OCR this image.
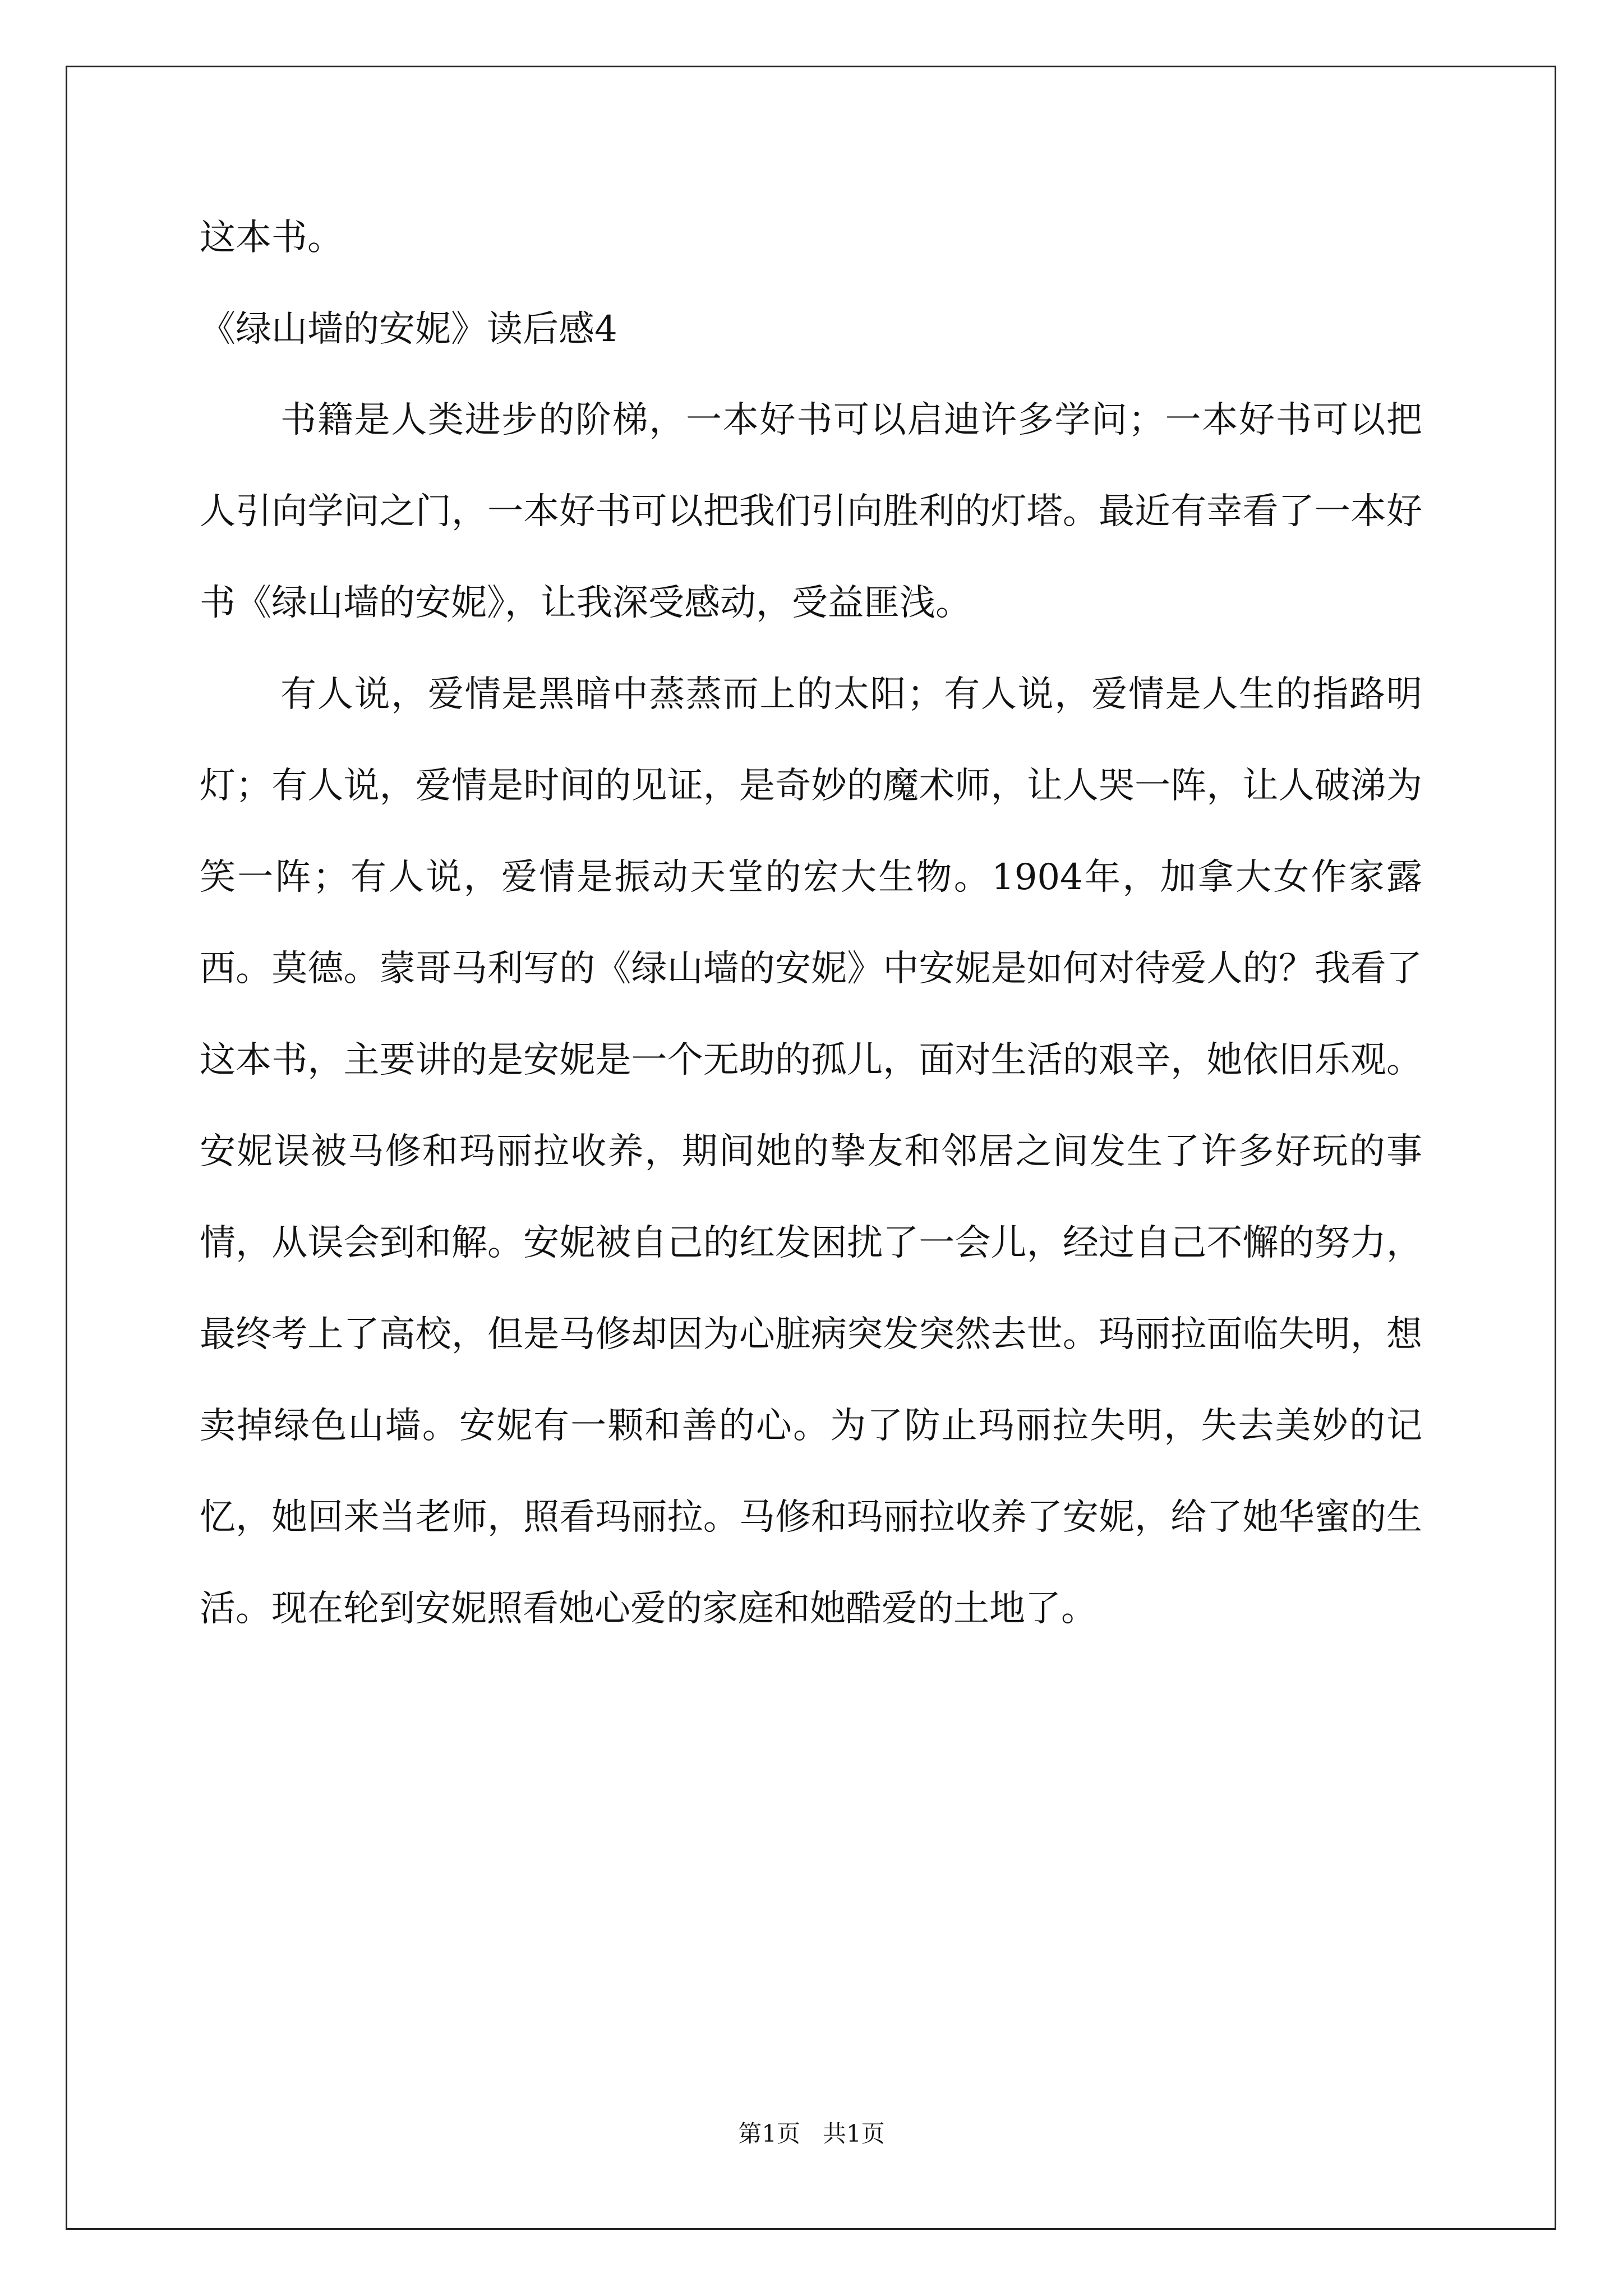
这本书。

《绿山墙的安妮》读后感4

书籍是人类进步的阶梯，一本好书可以启迪许多学问；一本好书可以把人引向学问之门，一本好书可以把我们引向胜利的灯塔。最近有幸看了一本好书《绿山墙的安妮》，让我深受感动，受益匪浅。

有人说，爱情是黑暗中蒸蒸而上的太阳；有人说，爱情是人生的指路明灯；有人说，爱情是时间的见证，是奇妙的魔术师，让人哭一阵，让人破涕为笑一阵；有人说，爱情是振动天堂的宏大生物。1904年，加拿大女作家露西。莫德。蒙哥马利写的《绿山墙的安妮》中安妮是如何对待爱人的？我看了这本书，主要讲的是安妮是一个无助的孤儿，面对生活的艰辛，她依旧乐观。安妮误被马修和玛丽拉收养，期间她的挚友和邻居之间发生了许多好玩的事情，从误会到和解。安妮被自己的红发困扰了一会儿，经过自己不懈的努力，最终考上了高校，但是马修却因为心脏病突发突然去世。玛丽拉面临失明，想卖掉绿色山墙。安妮有一颗和善的心。为了防止玛丽拉失明，失去美妙的记忆，她回来当老师，照看玛丽拉。马修和玛丽拉收养了安妮，给了她华蜜的生活。现在轮到安妮照看她心爱的家庭和她酷爱的土地了。

第1页   共1页
